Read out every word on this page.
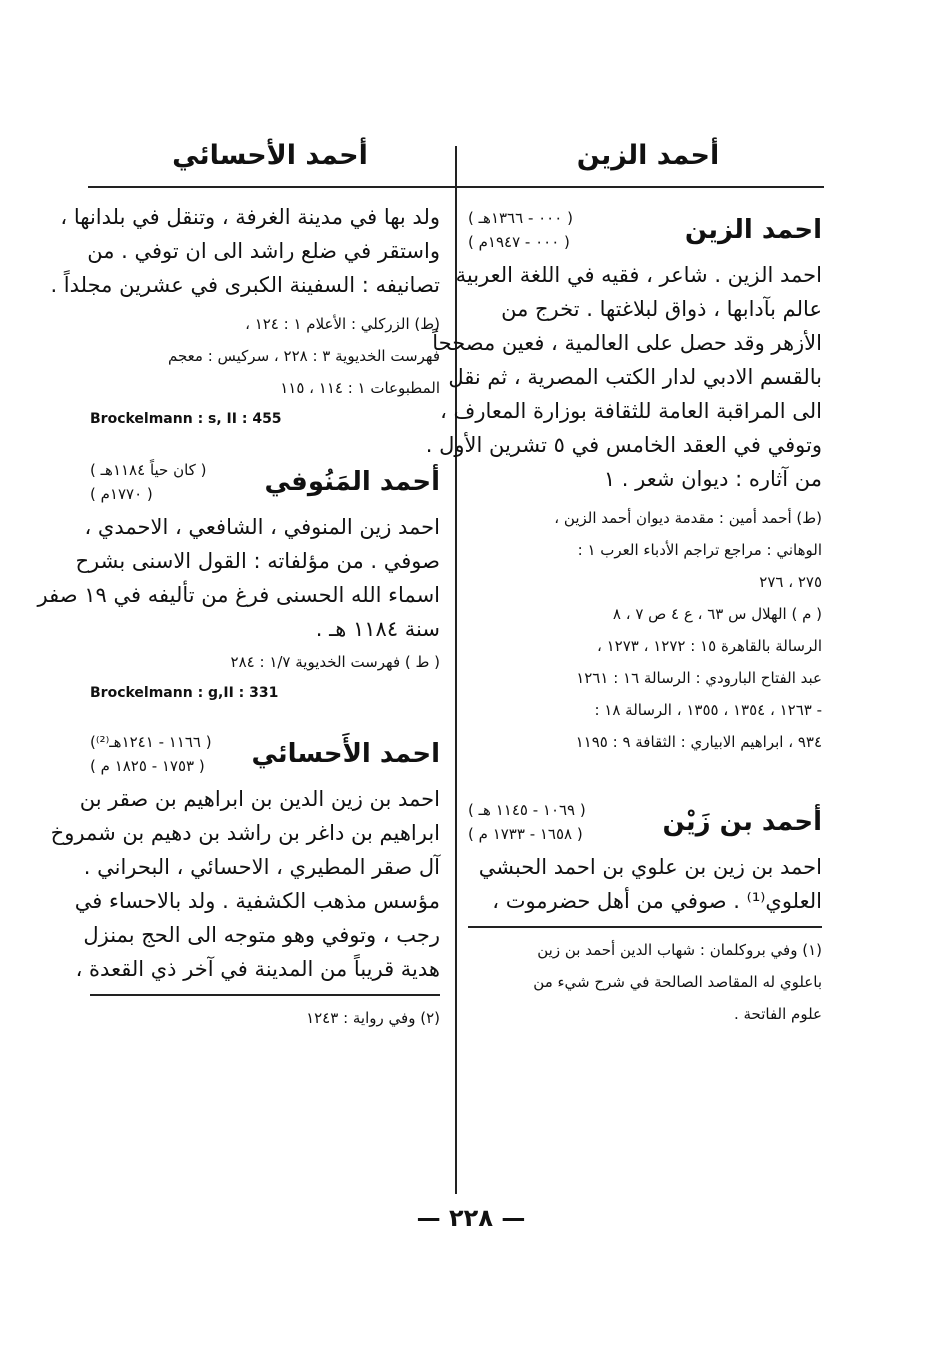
أحمد الزين
أحمد الأحسائي
احمد الزين
( ۰۰۰ - ۱۳٦٦هـ )
( ۰۰۰ - ۱۹٤۷م )
احمد الزين . شاعر ، فقيه في اللغة العربية
عالم بآدابها ، ذواق لبلاغتها . تخرج من
الأزهر وقد حصل على العالمية ، فعين مصححاً
بالقسم الادبي لدار الكتب المصرية ، ثم نقل
الى المراقبة العامة للثقافة بوزارة المعارف ،
وتوفي في العقد الخامس في ٥ تشرين الأول .
من آثاره : ديوان شعر . ١
(ط) أحمد أمين : مقدمة ديوان أحمد الزين ،
الوهاني : مراجع تراجم الأدباء العرب ١ :
٢٧٥ ، ٢٧٦
( م ) الهلال س ٦٣ ، ع ٤ ص ٧ ، ٨
الرسالة بالقاهرة ١٥ : ١٢٧٢ ، ١٢٧٣ ،
عبد الفتاح البارودي : الرسالة ١٦ : ١٢٦١
- ١٢٦٣ ، ١٣٥٤ ، ١٣٥٥ ، الرسالة ١٨ :
٩٣٤ ، ابراهيم الابياري : الثقافة ٩ : ١١٩٥
أحمد بن زَيْن
( ۱۰٦۹ - ۱۱٤٥ هـ )
( ۱٦٥۸ - ۱۷۳۳ م )
احمد بن زين بن علوي بن احمد الحبشي
العلوي⁽¹⁾ . صوفي من أهل حضرموت ،
(١) وفي بروكلمان : شهاب الدين أحمد بن زين
باعلوي له المقاصد الصالحة في شرح شيء من
علوم الفاتحة .
ولد بها في مدينة الغرفة ، وتنقل في بلدانها ،
واستقر في ضلع راشد الى ان توفي . من
تصانيفه : السفينة الكبرى في عشرين مجلداً .
(ط) الزركلي : الأعلام ١ : ١٢٤ ،
فهرست الخديوية ٣ : ٢٢٨ ، سركيس : معجم
المطبوعات ١ : ١١٤ ، ١١٥
Brockelmann : s, II : 455
أحمد المَنُوفي
( كان حياً ١١٨٤هـ )
( ١٧٧٠م )
احمد زين المنوفي ، الشافعي ، الاحمدي ،
صوفي . من مؤلفاته : القول الاسنى بشرح
اسماء الله الحسنى فرغ من تأليفه في ١٩ صفر
سنة ١١٨٤ هـ .
( ط ) فهرست الخديوية ١/٧ : ٢٨٤
Brockelmann : g,II : 331
احمد الأَحسائي
( ١١٦٦ - ١٢٤١هـ⁽²⁾)
( ١٧٥٣ - ١٨٢٥ م )
احمد بن زين الدين بن ابراهيم بن صقر بن
ابراهيم بن داغر بن راشد بن دهيم بن شمروخ
آل صقر المطيري ، الاحسائي ، البحراني .
مؤسس مذهب الكشفية . ولد بالاحساء في
رجب ، وتوفي وهو متوجه الى الحج بمنزل
هدية قريباً من المدينة في آخر ذي القعدة ،
(٢) وفي رواية : ١٢٤٣
— ٢٢٨ —
